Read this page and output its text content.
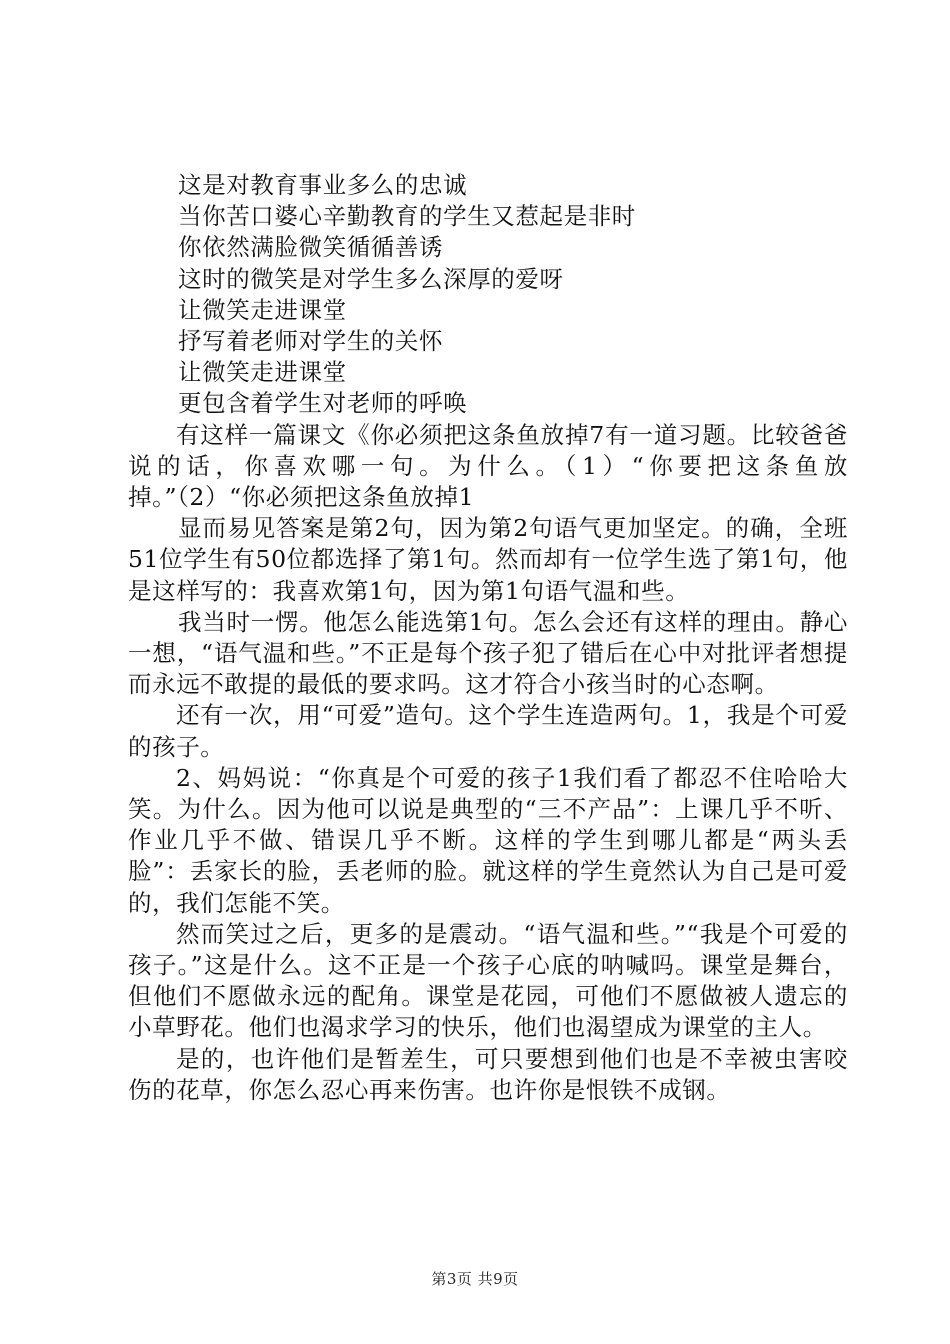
这是对教育事业多么的忠诚
当你苦口婆心辛勤教育的学生又惹起是非时
你依然满脸微笑循循善诱
这时的微笑是对学生多么深厚的爱呀
让微笑走进课堂
抒写着老师对学生的关怀
让微笑走进课堂
更包含着学生对老师的呼唤

有这样一篇课文《你必须把这条鱼放掉7有一道习题。比较爸爸说的话，你喜欢哪一句。为什么。（1）“你要把这条鱼放掉。”（2）“你必须把这条鱼放掉1

显而易见答案是第2句，因为第2句语气更加坚定。的确，全班51位学生有50位都选择了第1句。然而却有一位学生选了第1句，他是这样写的：我喜欢第1句，因为第1句语气温和些。

我当时一愣。他怎么能选第1句。怎么会还有这样的理由。静心一想，“语气温和些。”不正是每个孩子犯了错后在心中对批评者想提而永远不敢提的最低的要求吗。这才符合小孩当时的心态啊。

还有一次，用“可爱”造句。这个学生连造两句。1，我是个可爱的孩子。

2、妈妈说：“你真是个可爱的孩子1我们看了都忍不住哈哈大笑。为什么。因为他可以说是典型的“三不产品”：上课几乎不听、作业几乎不做、错误几乎不断。这样的学生到哪儿都是“两头丢脸”：丢家长的脸，丢老师的脸。就这样的学生竟然认为自己是可爱的，我们怎能不笑。

然而笑过之后，更多的是震动。“语气温和些。”“我是个可爱的孩子。”这是什么。这不正是一个孩子心底的呐喊吗。课堂是舞台，但他们不愿做永远的配角。课堂是花园，可他们不愿做被人遗忘的小草野花。他们也渴求学习的快乐，他们也渴望成为课堂的主人。

是的，也许他们是暂差生，可只要想到他们也是不幸被虫害咬伤的花草，你怎么忍心再来伤害。也许你是恨铁不成钢。

第3页 共9页
